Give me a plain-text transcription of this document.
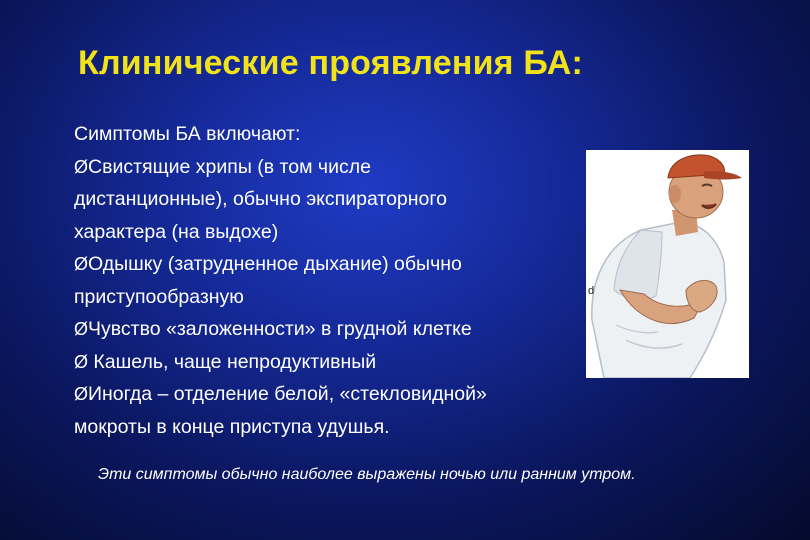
Клинические проявления БА:
Симптомы БА включают:
ØСвистящие хрипы (в том числе
дистанционные), обычно экспираторного
характера (на выдохе)
ØОдышку (затрудненное дыхание) обычно
приступообразную
ØЧувство «заложенности» в грудной клетке
Ø Кашель, чаще непродуктивный
ØИногда – отделение белой, «стекловидной»
мокроты в конце приступа удушья.
d
Эти симптомы обычно наиболее выражены ночью или ранним утром.
